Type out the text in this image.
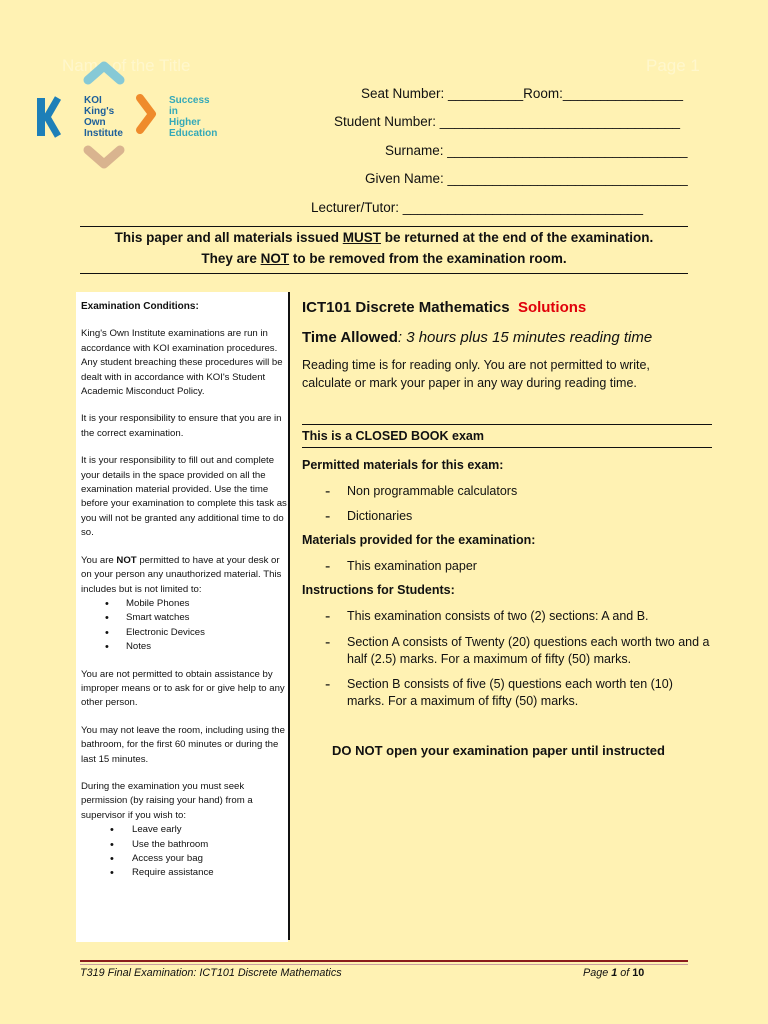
Name of the Title	Page 1
KOI
King's
Own
Institute
Success
in
Higher
Education
Seat Number: __________Room:________________
Student Number: ________________________________
Surname: ________________________________
Given Name: ________________________________
Lecturer/Tutor: ________________________________
This paper and all materials issued MUST be returned at the end of the examination.
They are NOT to be removed from the examination room.

Examination Conditions:

King's Own Institute examinations are run in accordance with KOI examination procedures. Any student breaching these procedures will be dealt with in accordance with KOI's Student Academic Misconduct Policy.

It is your responsibility to ensure that you are in the correct examination.

It is your responsibility to fill out and complete your details in the space provided on all the examination material provided. Use the time before your examination to complete this task as you will not be granted any additional time to do so.

You are NOT permitted to have at your desk or on your person any unauthorized material. This includes but is not limited to:

• Mobile Phones
• Smart watches
• Electronic Devices
• Notes

You are not permitted to obtain assistance by improper means or to ask for or give help to any other person.

You may not leave the room, including using the bathroom, for the first 60 minutes or during the last 15 minutes.

During the examination you must seek permission (by raising your hand) from a supervisor if you wish to:

• Leave early
• Use the bathroom
• Access your bag
• Require assistance
ICT101 Discrete Mathematics Solutions
Time Allowed: 3 hours plus 15 minutes reading time
Reading time is for reading only. You are not permitted to write, calculate or mark your paper in any way during reading time.
This is a CLOSED BOOK exam
Permitted materials for this exam:
- Non programmable calculators
- Dictionaries
Materials provided for the examination:
- This examination paper
Instructions for Students:
- This examination consists of two (2) sections: A and B.
- Section A consists of Twenty (20) questions each worth two and a half (2.5) marks. For a maximum of fifty (50) marks.
- Section B consists of five (5) questions each worth ten (10) marks. For a maximum of fifty (50) marks.
DO NOT open your examination paper until instructed
T319 Final Examination: ICT101 Discrete Mathematics	Page 1 of 10
